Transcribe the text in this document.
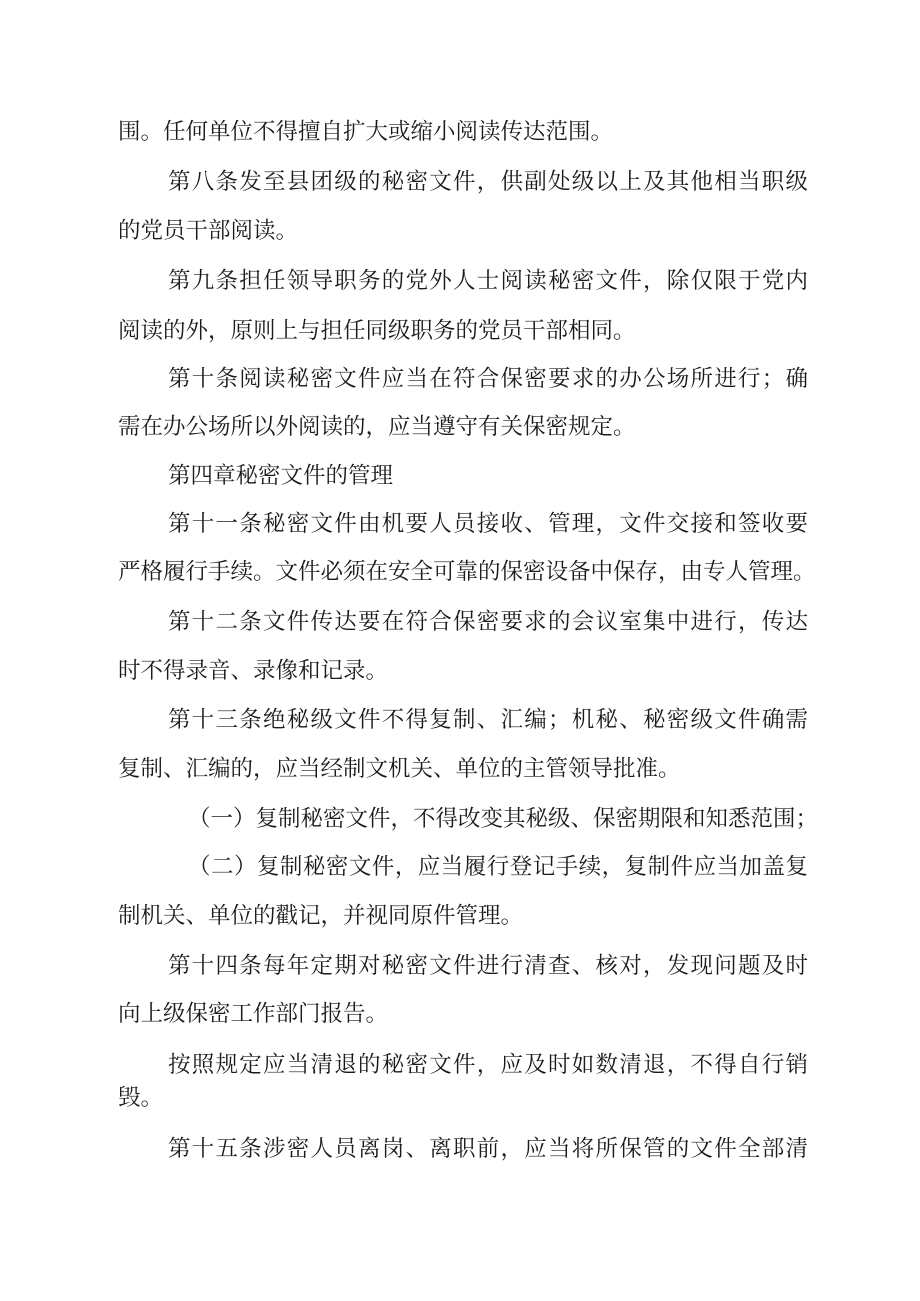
围。任何单位不得擅自扩大或缩小阅读传达范围。
第八条发至县团级的秘密文件，供副处级以上及其他相当职级
的党员干部阅读。
第九条担任领导职务的党外人士阅读秘密文件，除仅限于党内
阅读的外，原则上与担任同级职务的党员干部相同。
第十条阅读秘密文件应当在符合保密要求的办公场所进行；确
需在办公场所以外阅读的，应当遵守有关保密规定。
第四章秘密文件的管理
第十一条秘密文件由机要人员接收、管理，文件交接和签收要
严格履行手续。文件必须在安全可靠的保密设备中保存，由专人管理。
第十二条文件传达要在符合保密要求的会议室集中进行，传达
时不得录音、录像和记录。
第十三条绝秘级文件不得复制、汇编；机秘、秘密级文件确需
复制、汇编的，应当经制文机关、单位的主管领导批准。
（一）复制秘密文件，不得改变其秘级、保密期限和知悉范围；
（二）复制秘密文件，应当履行登记手续，复制件应当加盖复
制机关、单位的戳记，并视同原件管理。
第十四条每年定期对秘密文件进行清查、核对，发现问题及时
向上级保密工作部门报告。
按照规定应当清退的秘密文件，应及时如数清退，不得自行销
毁。
第十五条涉密人员离岗、离职前，应当将所保管的文件全部清
